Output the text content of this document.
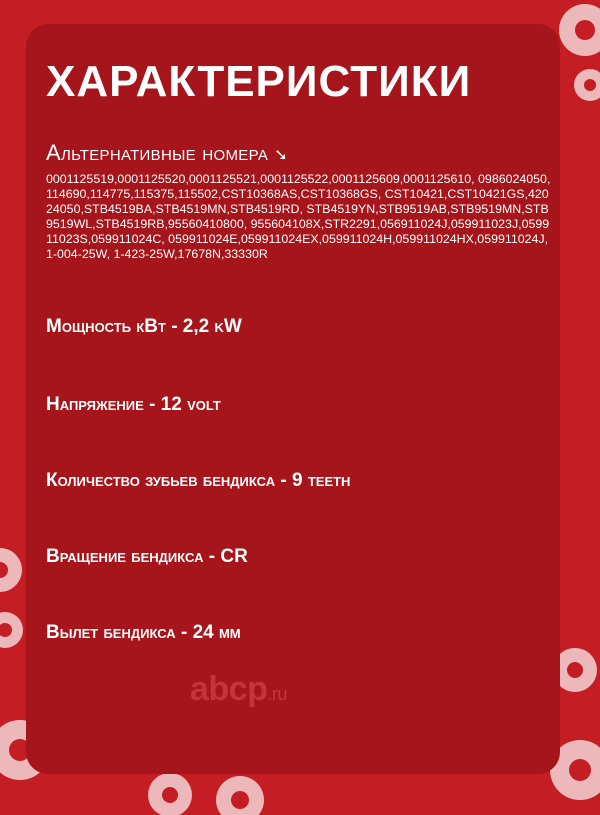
ХАРАКТЕРИСТИКИ
Альтернативные номера ➘
0001125519,0001125520,0001125521,0001125522,0001125609,0001125610, 0986024050,114690,114775,115375,115502,CST10368AS,CST10368GS, CST10421,CST10421GS,42024050,STB4519BA,STB4519MN,STB4519RD, STB4519YN,STB9519AB,STB9519MN,STB9519WL,STB4519RB,95560410800, 955604108X,STR2291,056911024J,059911023J,059911023S,059911024C, 059911024E,059911024EX,059911024H,059911024HX,059911024J,1-004-25W, 1-423-25W,17678N,33330R
Мощность кВт - 2,2 kW
Напряжение - 12 volt
Количество зубьев бендикса - 9 teeth
Вращение бендикса - CR
Вылет бендикса - 24 мм
abcp.ru
